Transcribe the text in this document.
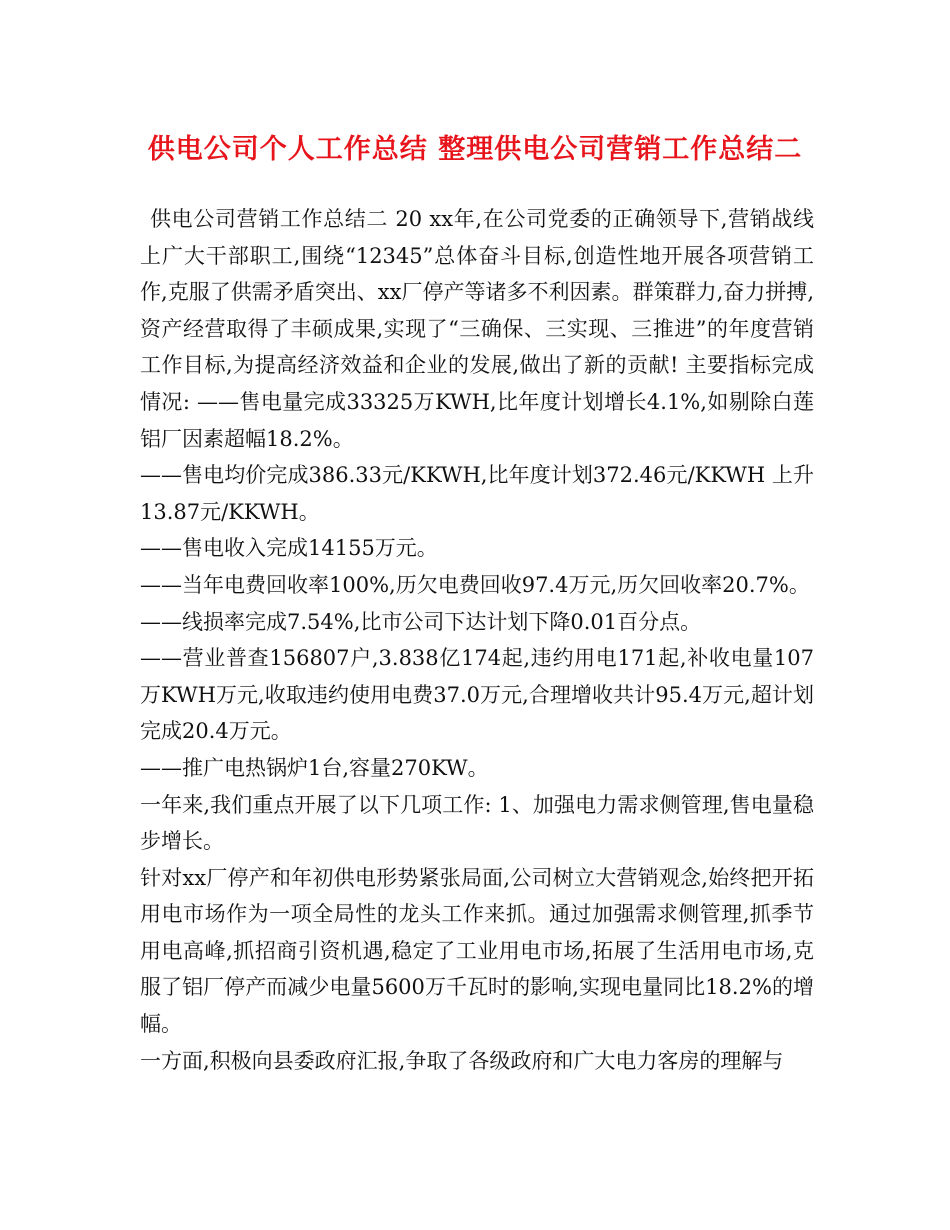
供电公司个人工作总结 整理供电公司营销工作总结二

供电公司营销工作总结二 20 xx年,在公司党委的正确领导下,营销战线上广大干部职工,围绕“12345”总体奋斗目标,创造性地开展各项营销工作,克服了供需矛盾突出、xx厂停产等诸多不利因素。群策群力,奋力拼搏,资产经营取得了丰硕成果,实现了“三确保、三实现、三推进”的年度营销工作目标,为提高经济效益和企业的发展,做出了新的贡献! 主要指标完成情况: ——售电量完成33325万KWH,比年度计划增长4.1%,如剔除白莲铝厂因素超幅18.2%。

——售电均价完成386.33元/KKWH,比年度计划372.46元/KKWH 上升13.87元/KKWH。

——售电收入完成14155万元。

——当年电费回收率100%,历欠电费回收97.4万元,历欠回收率20.7%。

——线损率完成7.54%,比市公司下达计划下降0.01百分点。

——营业普查156807户,3.838亿174起,违约用电171起,补收电量107万KWH万元,收取违约使用电费37.0万元,合理增收共计95.4万元,超计划完成20.4万元。

——推广电热锅炉1台,容量270KW。

一年来,我们重点开展了以下几项工作: 1、加强电力需求侧管理,售电量稳步增长。

针对xx厂停产和年初供电形势紧张局面,公司树立大营销观念,始终把开拓用电市场作为一项全局性的龙头工作来抓。通过加强需求侧管理,抓季节用电高峰,抓招商引资机遇,稳定了工业用电市场,拓展了生活用电市场,克服了铝厂停产而减少电量5600万千瓦时的影响,实现电量同比18.2%的增幅。

一方面,积极向县委政府汇报,争取了各级政府和广大电力客房的理解与
